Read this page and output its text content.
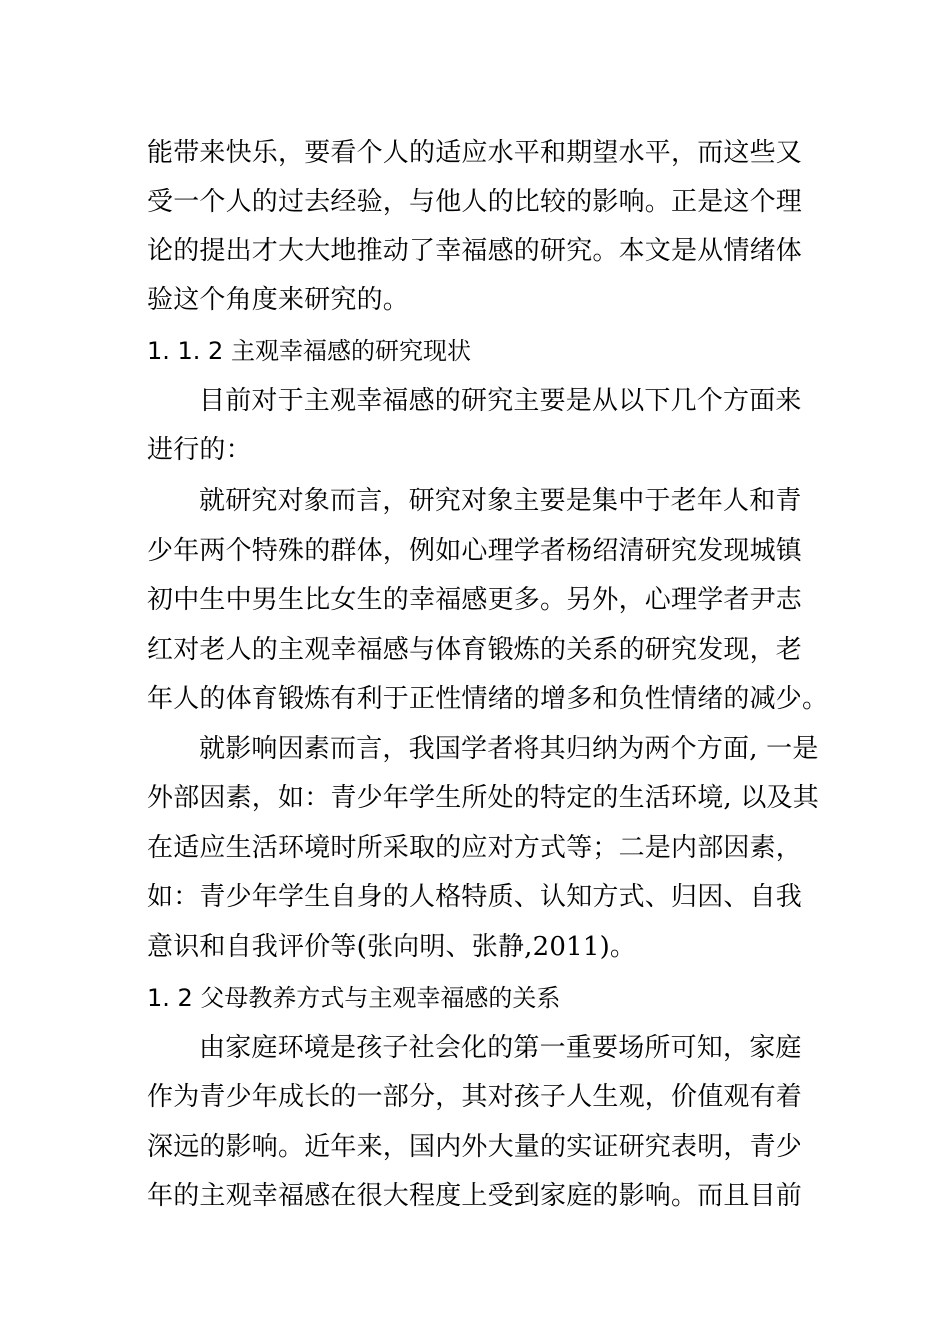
能带来快乐，要看个人的适应水平和期望水平，而这些又
受一个人的过去经验，与他人的比较的影响。正是这个理
论的提出才大大地推动了幸福感的研究。本文是从情绪体
验这个角度来研究的。
1. 1. 2 主观幸福感的研究现状
目前对于主观幸福感的研究主要是从以下几个方面来
进行的：
就研究对象而言，研究对象主要是集中于老年人和青
少年两个特殊的群体，例如心理学者杨绍清研究发现城镇
初中生中男生比女生的幸福感更多。另外，心理学者尹志
红对老人的主观幸福感与体育锻炼的关系的研究发现，老
年人的体育锻炼有利于正性情绪的增多和负性情绪的减少。
就影响因素而言，我国学者将其归纳为两个方面, 一是
外部因素，如：青少年学生所处的特定的生活环境, 以及其
在适应生活环境时所采取的应对方式等；二是内部因素，
如：青少年学生自身的人格特质、认知方式、归因、自我
意识和自我评价等(张向明、张静,2011)。
1. 2 父母教养方式与主观幸福感的关系
由家庭环境是孩子社会化的第一重要场所可知，家庭
作为青少年成长的一部分，其对孩子人生观，价值观有着
深远的影响。近年来，国内外大量的实证研究表明，青少
年的主观幸福感在很大程度上受到家庭的影响。而且目前
